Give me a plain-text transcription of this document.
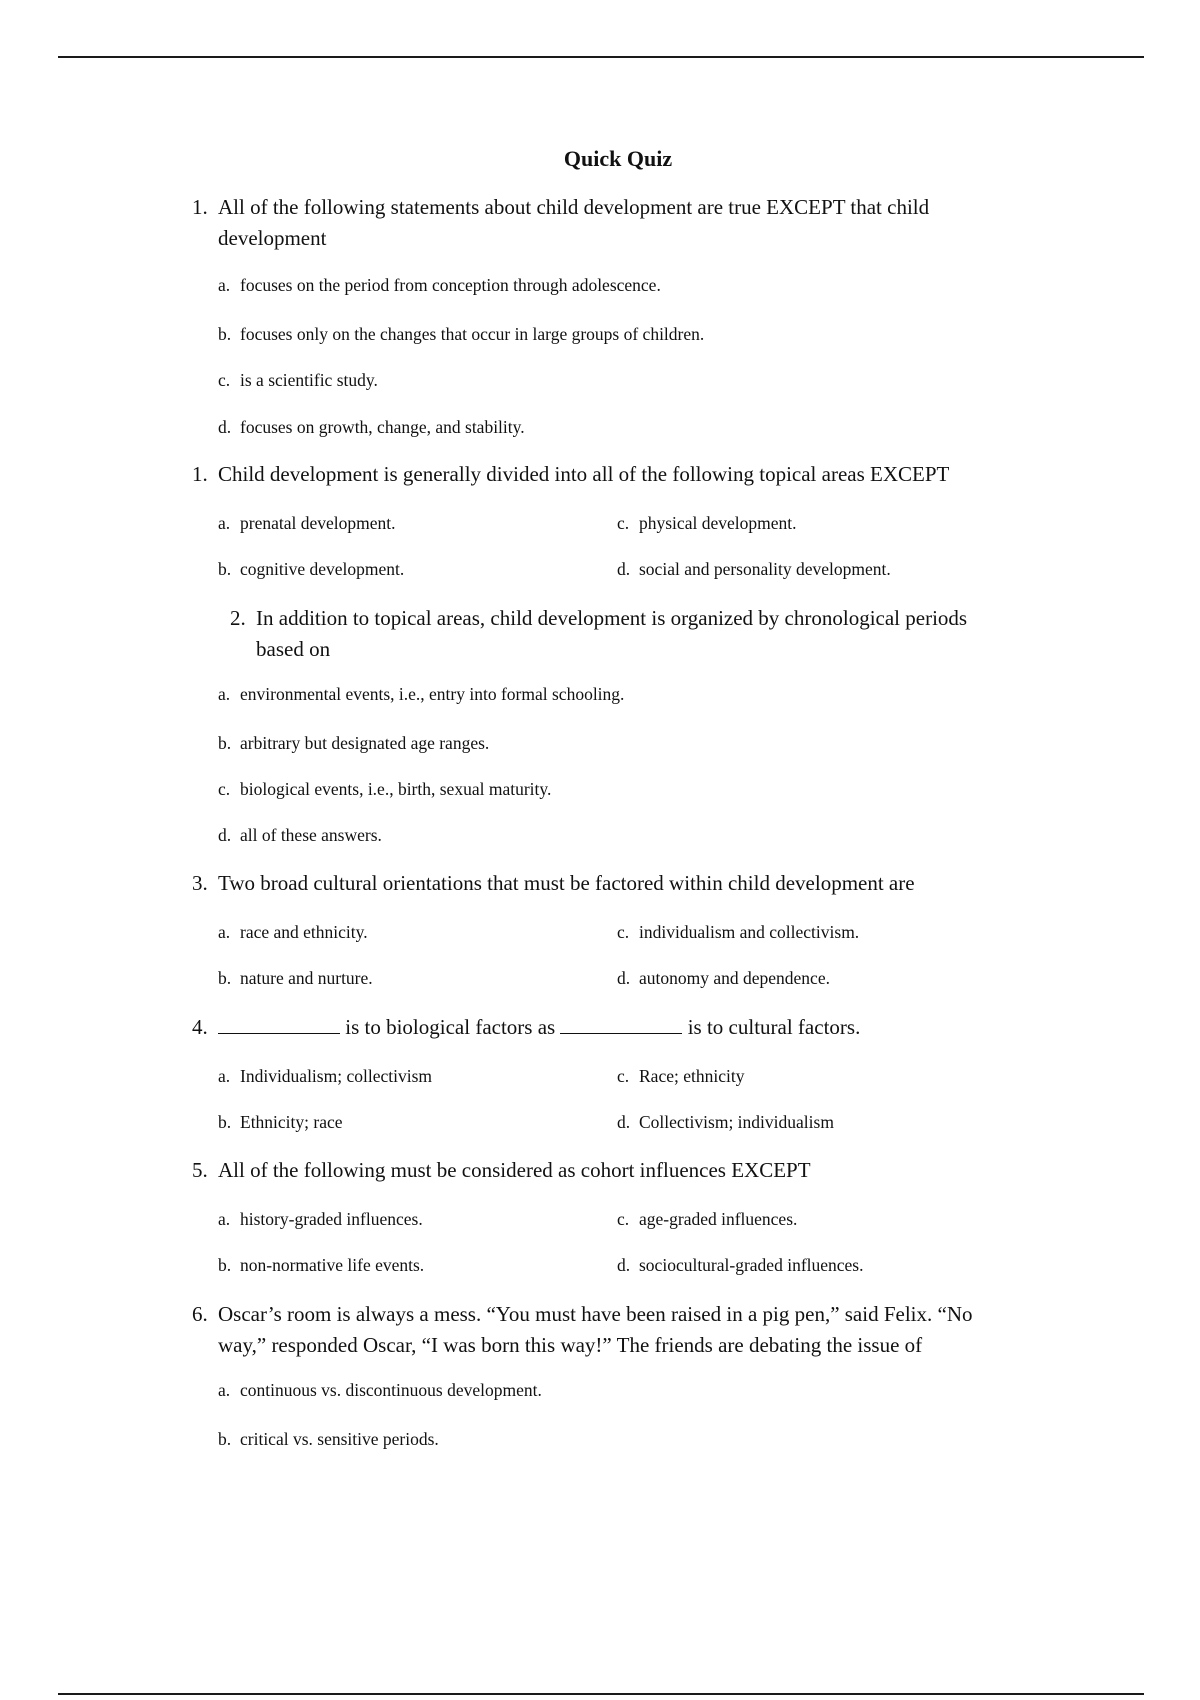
Quick Quiz
1. All of the following statements about child development are true EXCEPT that child development
a. focuses on the period from conception through adolescence.
b. focuses only on the changes that occur in large groups of children.
c. is a scientific study.
d. focuses on growth, change, and stability.
1. Child development is generally divided into all of the following topical areas EXCEPT
a. prenatal development.
b. cognitive development.
c. physical development.
d. social and personality development.
2. In addition to topical areas, child development is organized by chronological periods based on
a. environmental events, i.e., entry into formal schooling.
b. arbitrary but designated age ranges.
c. biological events, i.e., birth, sexual maturity.
d. all of these answers.
3. Two broad cultural orientations that must be factored within child development are
a. race and ethnicity.
b. nature and nurture.
c. individualism and collectivism.
d. autonomy and dependence.
4.	is to biological factors as	is to cultural factors.
a. Individualism; collectivism
b. Ethnicity; race
c. Race; ethnicity
d. Collectivism; individualism
5. All of the following must be considered as cohort influences EXCEPT
a. history-graded influences.
b. non-normative life events.
c. age-graded influences.
d. sociocultural-graded influences.
6. Oscar’s room is always a mess. “You must have been raised in a pig pen,” said Felix. “No way,” responded Oscar, “I was born this way!” The friends are debating the issue of
a. continuous vs. discontinuous development.
b. critical vs. sensitive periods.
